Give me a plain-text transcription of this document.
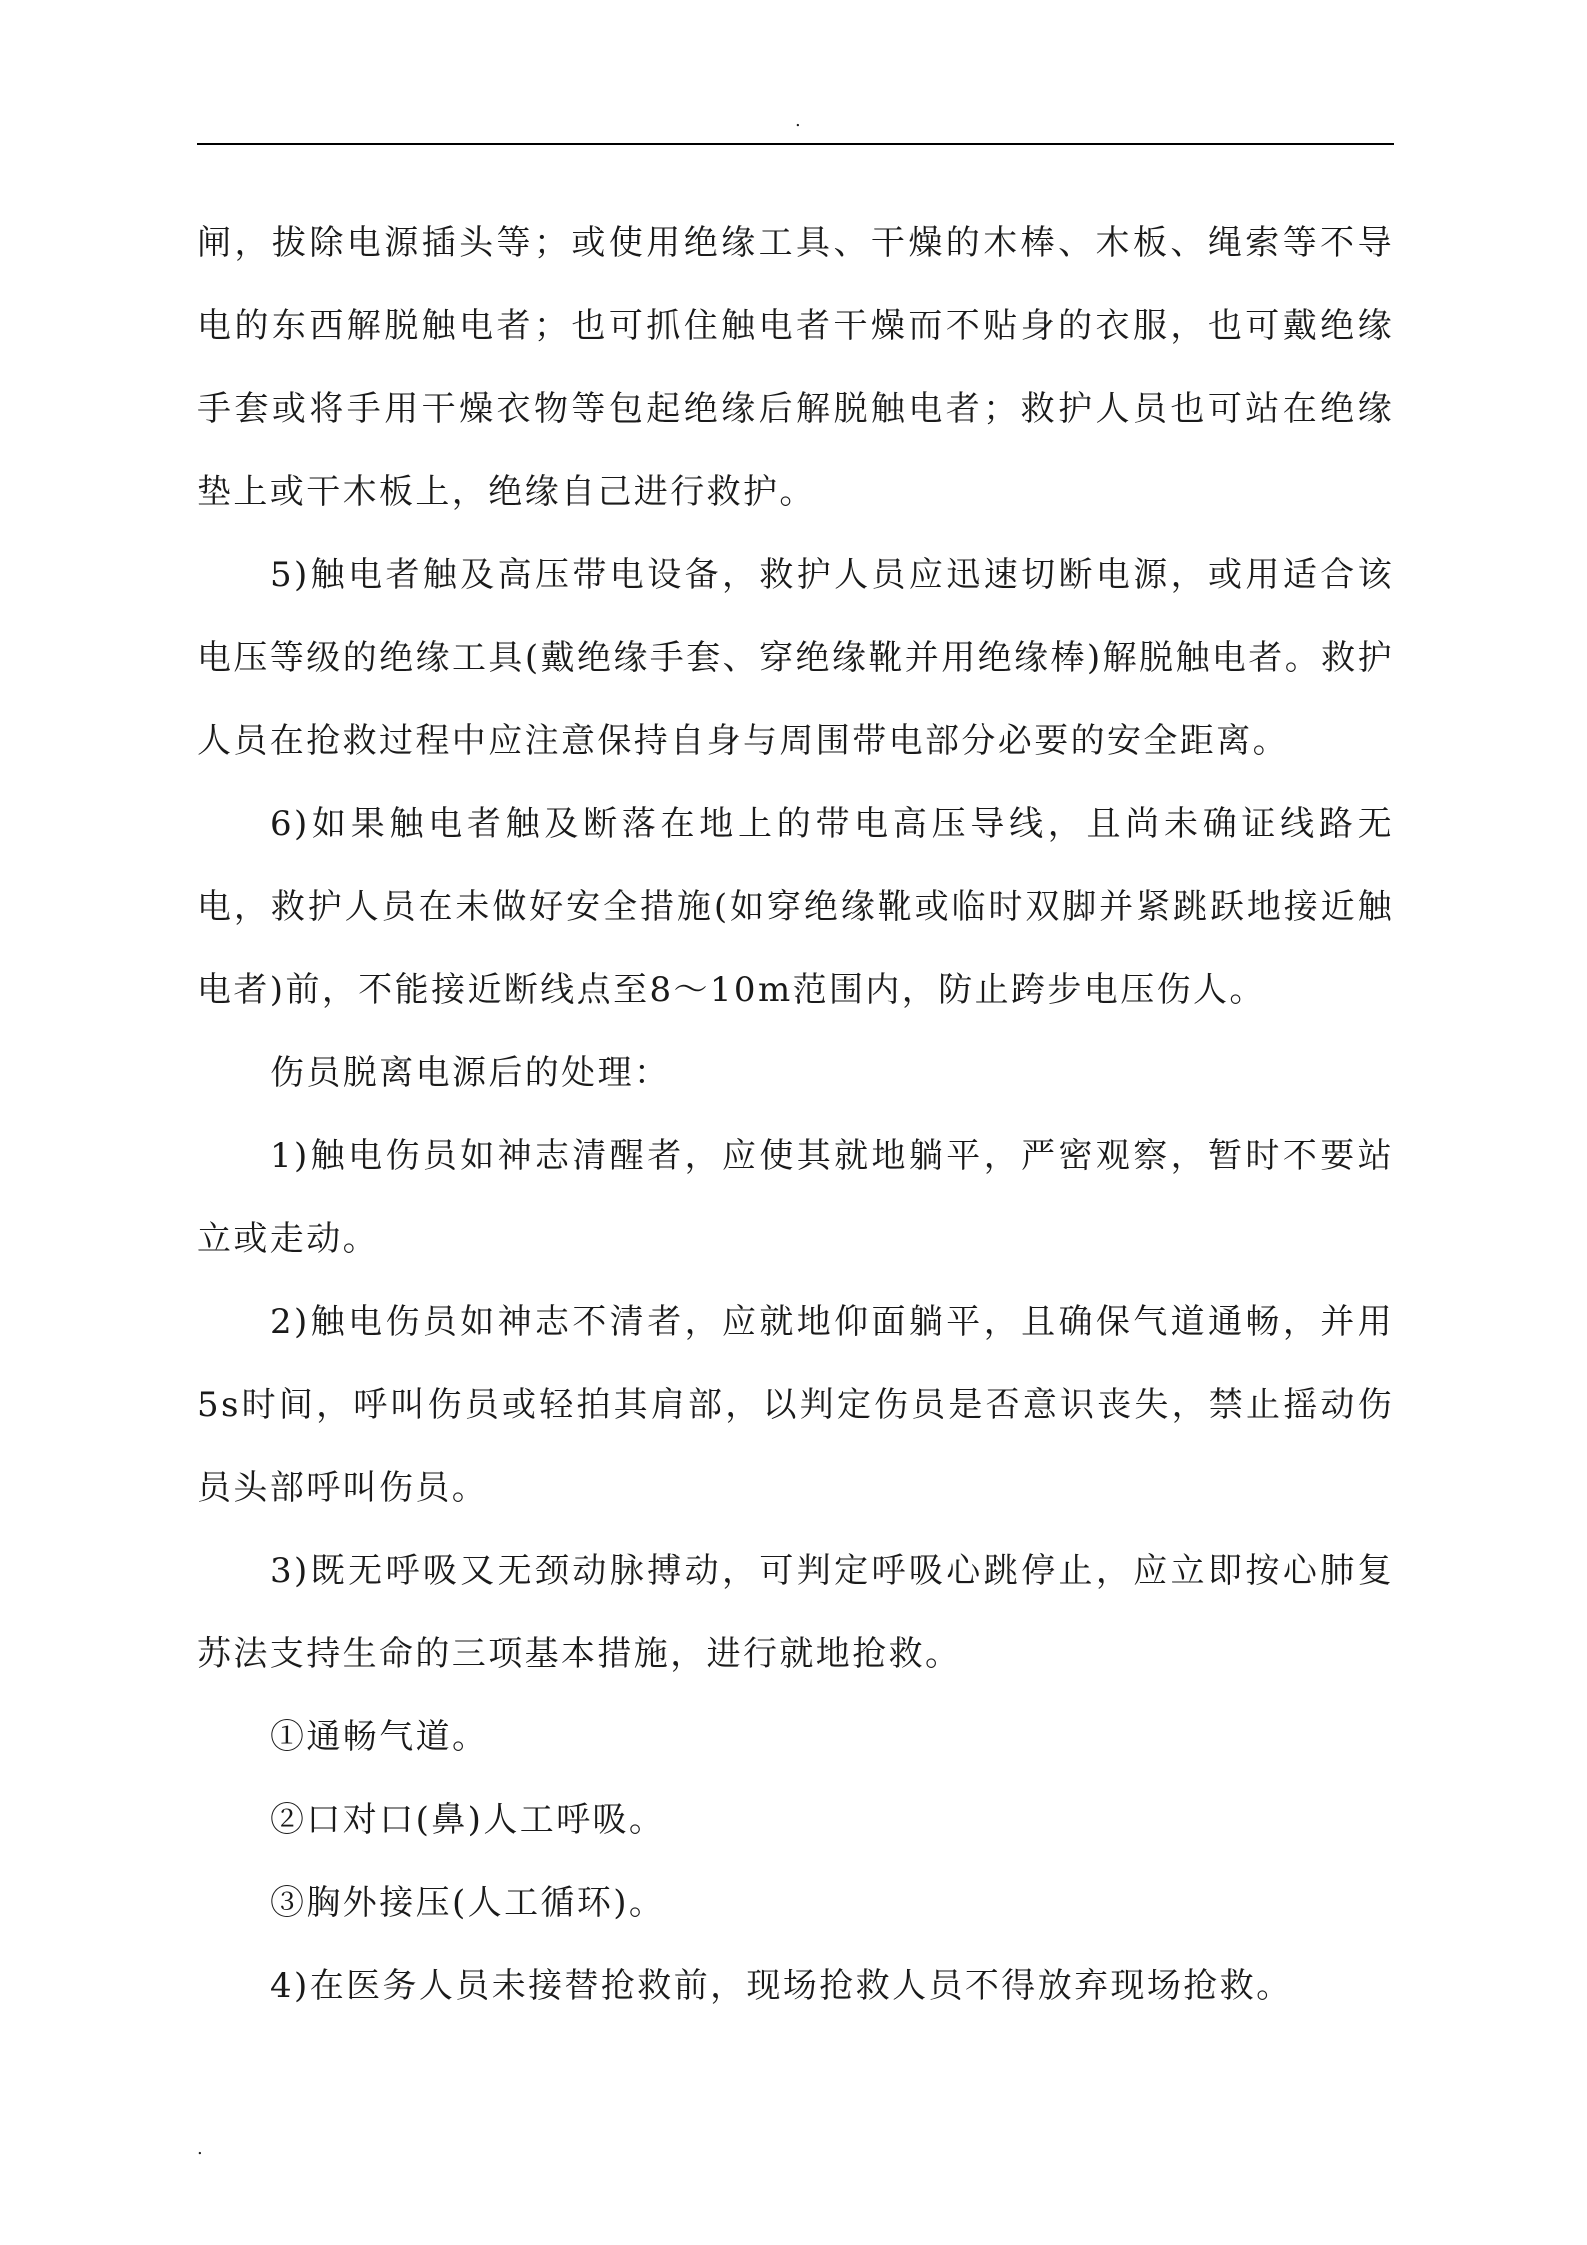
.

闸，拔除电源插头等；或使用绝缘工具、干燥的木棒、木板、绳索等不导电的东西解脱触电者；也可抓住触电者干燥而不贴身的衣服，也可戴绝缘手套或将手用干燥衣物等包起绝缘后解脱触电者；救护人员也可站在绝缘垫上或干木板上，绝缘自己进行救护。

5)触电者触及高压带电设备，救护人员应迅速切断电源，或用适合该电压等级的绝缘工具(戴绝缘手套、穿绝缘靴并用绝缘棒)解脱触电者。救护人员在抢救过程中应注意保持自身与周围带电部分必要的安全距离。

6)如果触电者触及断落在地上的带电高压导线，且尚未确证线路无电，救护人员在未做好安全措施(如穿绝缘靴或临时双脚并紧跳跃地接近触电者)前，不能接近断线点至8～10m范围内，防止跨步电压伤人。

伤员脱离电源后的处理：

1)触电伤员如神志清醒者，应使其就地躺平，严密观察，暂时不要站立或走动。

2)触电伤员如神志不清者，应就地仰面躺平，且确保气道通畅，并用5s时间，呼叫伤员或轻拍其肩部，以判定伤员是否意识丧失，禁止摇动伤员头部呼叫伤员。

3)既无呼吸又无颈动脉搏动，可判定呼吸心跳停止，应立即按心肺复苏法支持生命的三项基本措施，进行就地抢救。

①通畅气道。

②口对口(鼻)人工呼吸。

③胸外接压(人工循环)。

4)在医务人员未接替抢救前，现场抢救人员不得放弃现场抢救。

.
